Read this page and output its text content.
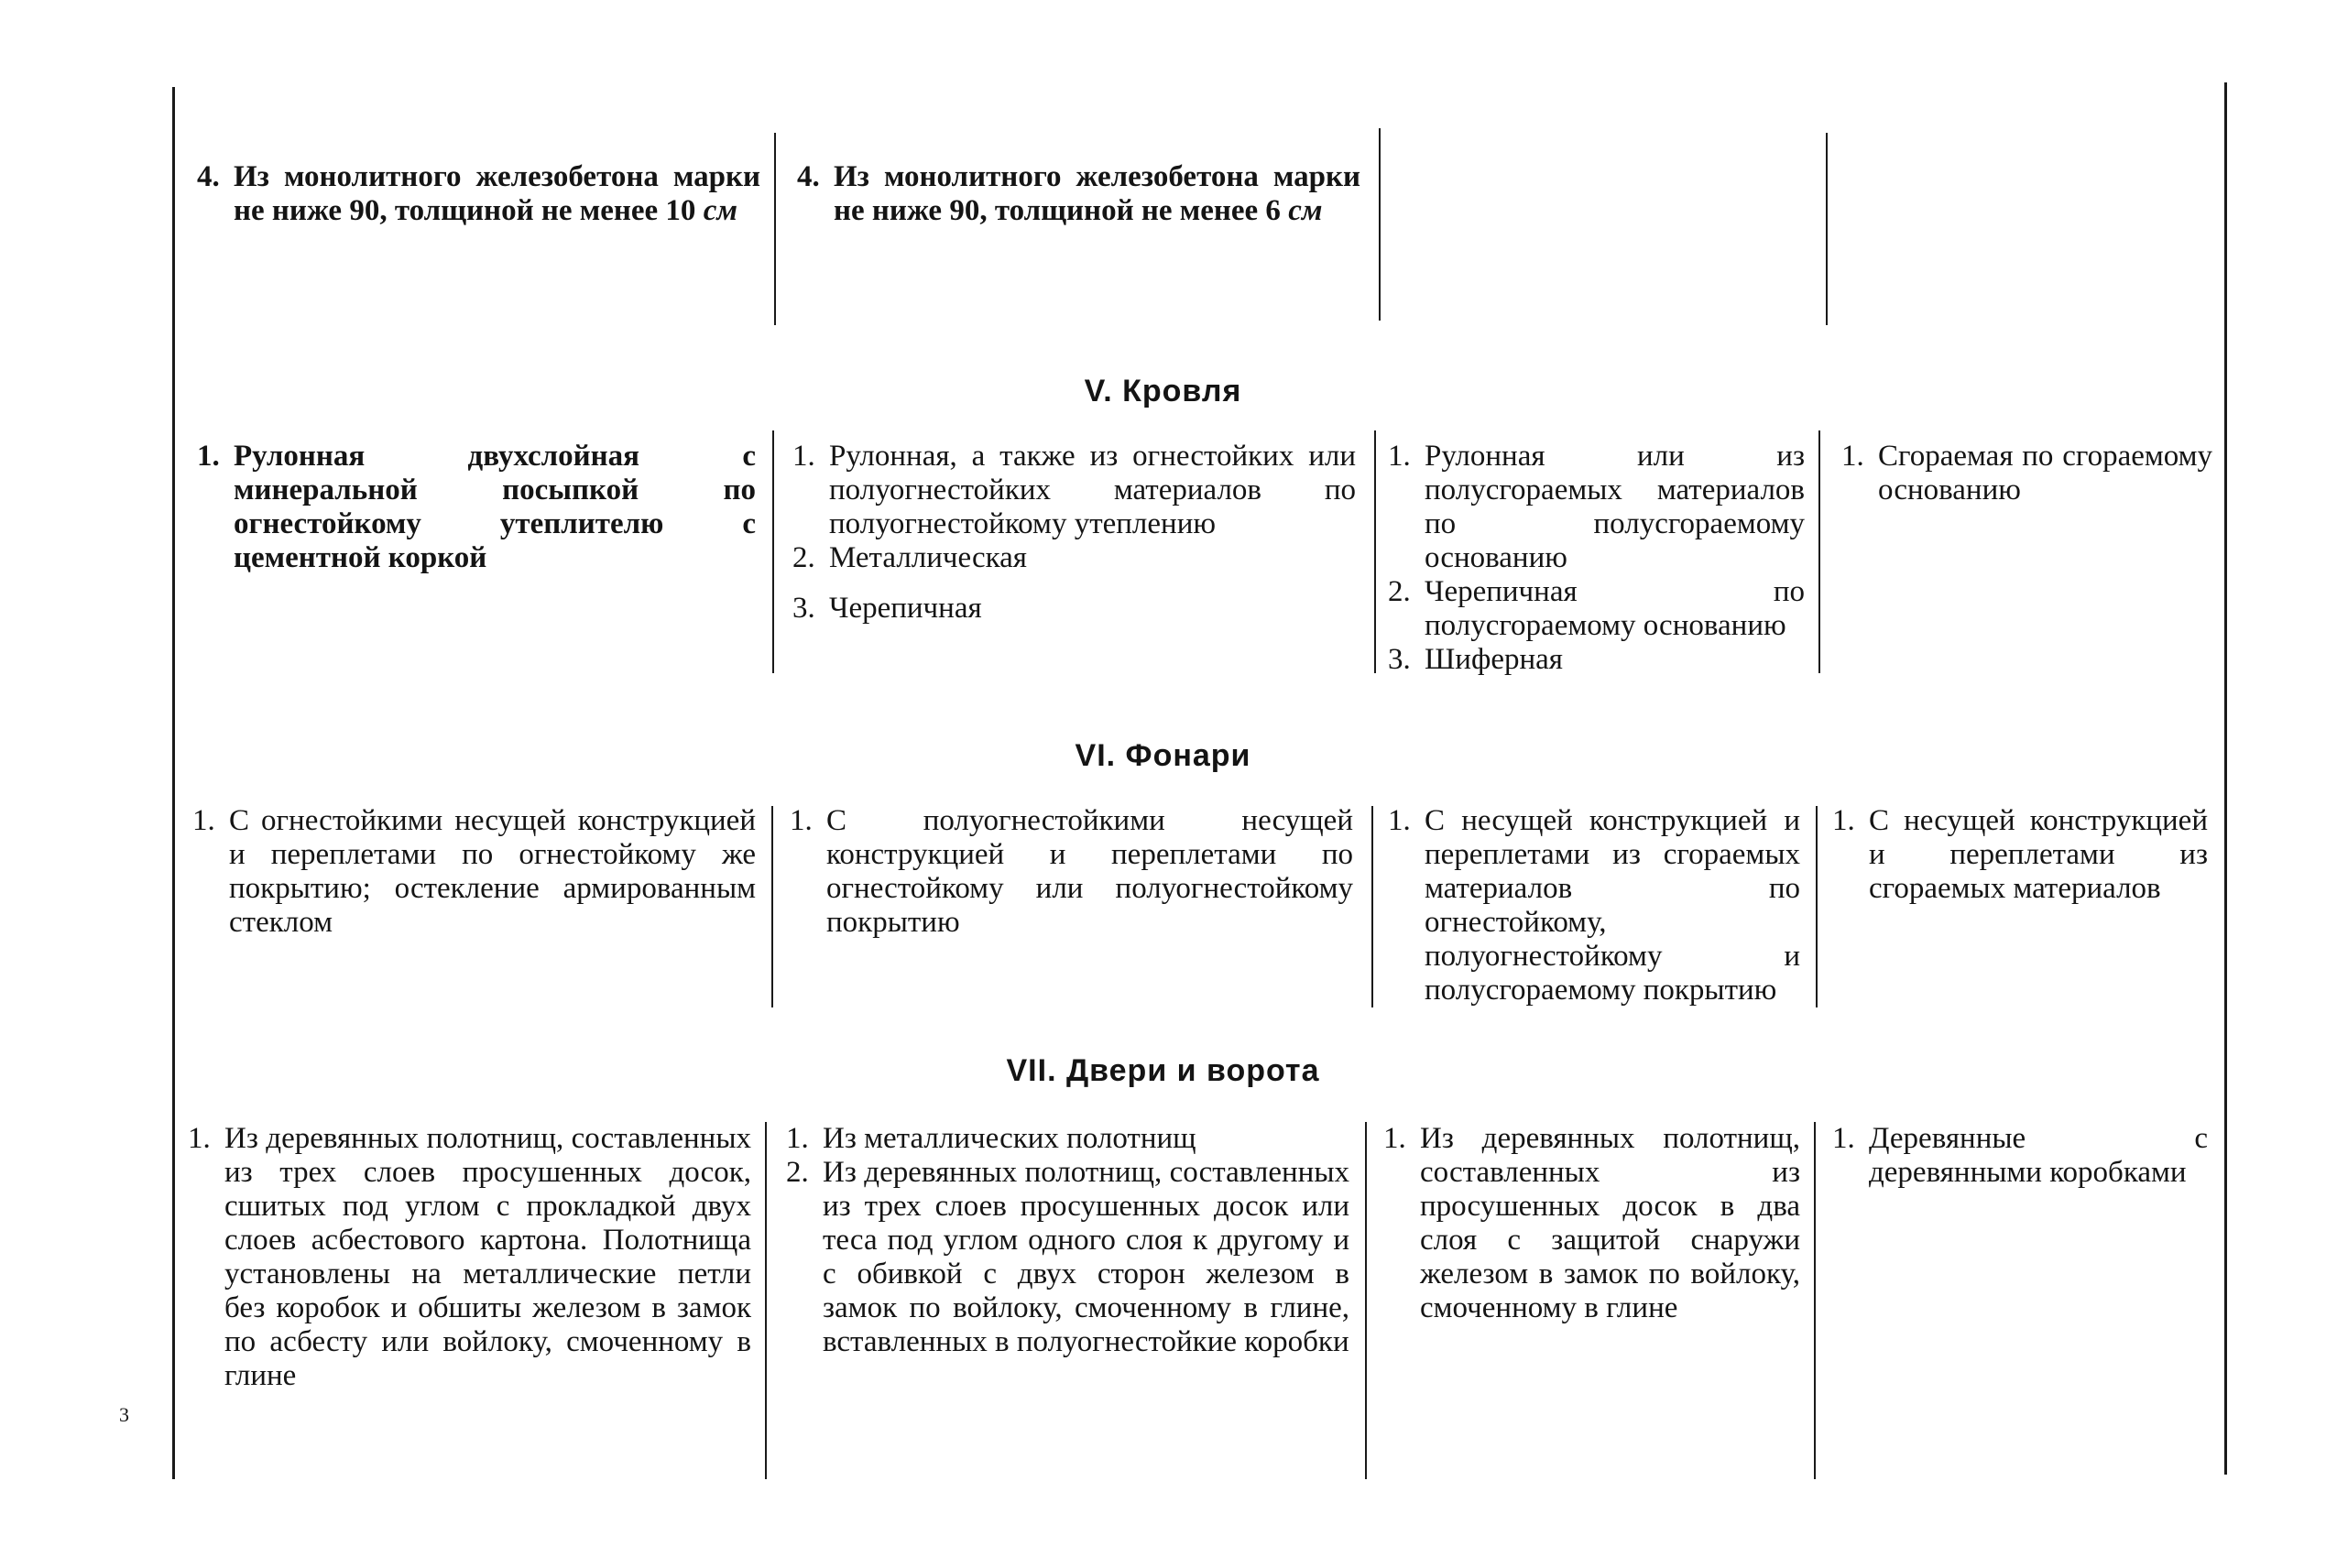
4. Из монолитного железобетона марки не ниже 90, толщиной не менее 10 см
4. Из монолитного железобетона марки не ниже 90, толщиной не менее 6 см
V. Кровля
1. Рулонная двухслойная с минеральной посыпкой по огнестойкому утеплителю с цементной коркой
1. Рулонная, а также из огнестойких или полуогнестойких материалов по полуогнестойкому утеплению
2. Металлическая
3. Черепичная
1. Рулонная или из полусгораемых материалов по полусгораемому основанию
2. Черепичная по полусгораемому основанию
3. Шиферная
1. Сгораемая по сгораемому основанию
VI. Фонари
1. С огнестойкими несущей конструкцией и переплетами по огнестойкому же покрытию; остекление армированным стеклом
1. С полуогнестойкими несущей конструкцией и переплетами по огнестойкому или полуогнестойкому покрытию
1. С несущей конструкцией и переплетами из сгораемых материалов по огнестойкому, полуогнестойкому и полусгораемому покрытию
1. С несущей конструкцией и переплетами из сгораемых материалов
VII. Двери и ворота
1. Из деревянных полотнищ, составленных из трех слоев просушенных досок, сшитых под углом с прокладкой двух слоев асбестового картона. Полотнища установлены на металлические петли без коробок и обшиты железом в замок по асбесту или войлоку, смоченному в глине
1. Из металлических полотнищ
2. Из деревянных полотнищ, составленных из трех слоев просушенных досок или теса под углом одного слоя к другому и с обивкой с двух сторон железом в замок по войлоку, смоченному в глине, вставленных в полуогнестойкие коробки
1. Из деревянных полотнищ, составленных из просушенных досок в два слоя с защитой снаружи железом в замок по войлоку, смоченному в глине
1. Деревянные с деревянными коробками
3
